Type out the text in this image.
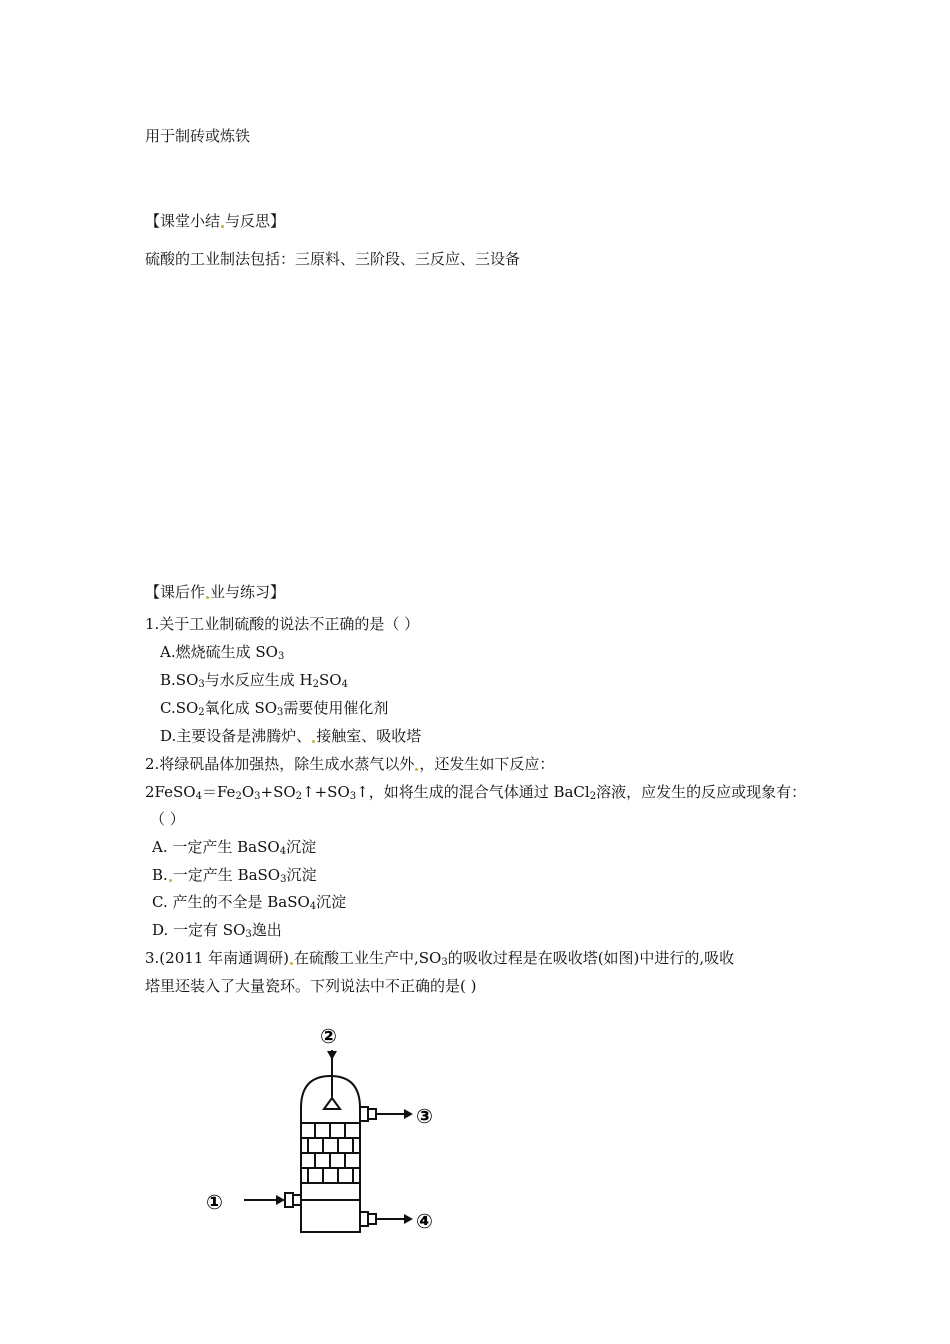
用于制砖或炼铁
【课堂小结 与反思】
硫酸的工业制法包括：三原料、三阶段、三反应、三设备
【课后作 业与练习】
1.关于工业制硫酸的说法不正确的是（ ）
A.燃烧硫生成 $SO_3$
$B.SO_3$与水反应生成 $H_2SO_4$
$C.SO_2$氧化成 $SO_3$需要使用催化剂
D.主要设备是沸腾炉、 接触室、吸收塔
2.将绿矾晶体加强热，除生成水蒸气以外 ，还发生如下反应：
$2FeSO_4=Fe_2O_3+SO_2↑+SO_3↑$，如将生成的混合气体通过 BaCl$_2$溶液，应发生的反应或现象有：
（ ）
A. 一定产生 BaSO$_4$沉淀
B. 一定产生 BaSO$_3$沉淀
C. 产生的不全是 BaSO$_4$沉淀
D. 一定有 $SO_3$逸出
3.(2011 年南通调研) 在硫酸工业生产中$,SO_3$的吸收过程是在吸收塔(如图)中进行的,吸收
塔里还装入了大量瓷环。下列说法中不正确的是( )
②
③
①
④
